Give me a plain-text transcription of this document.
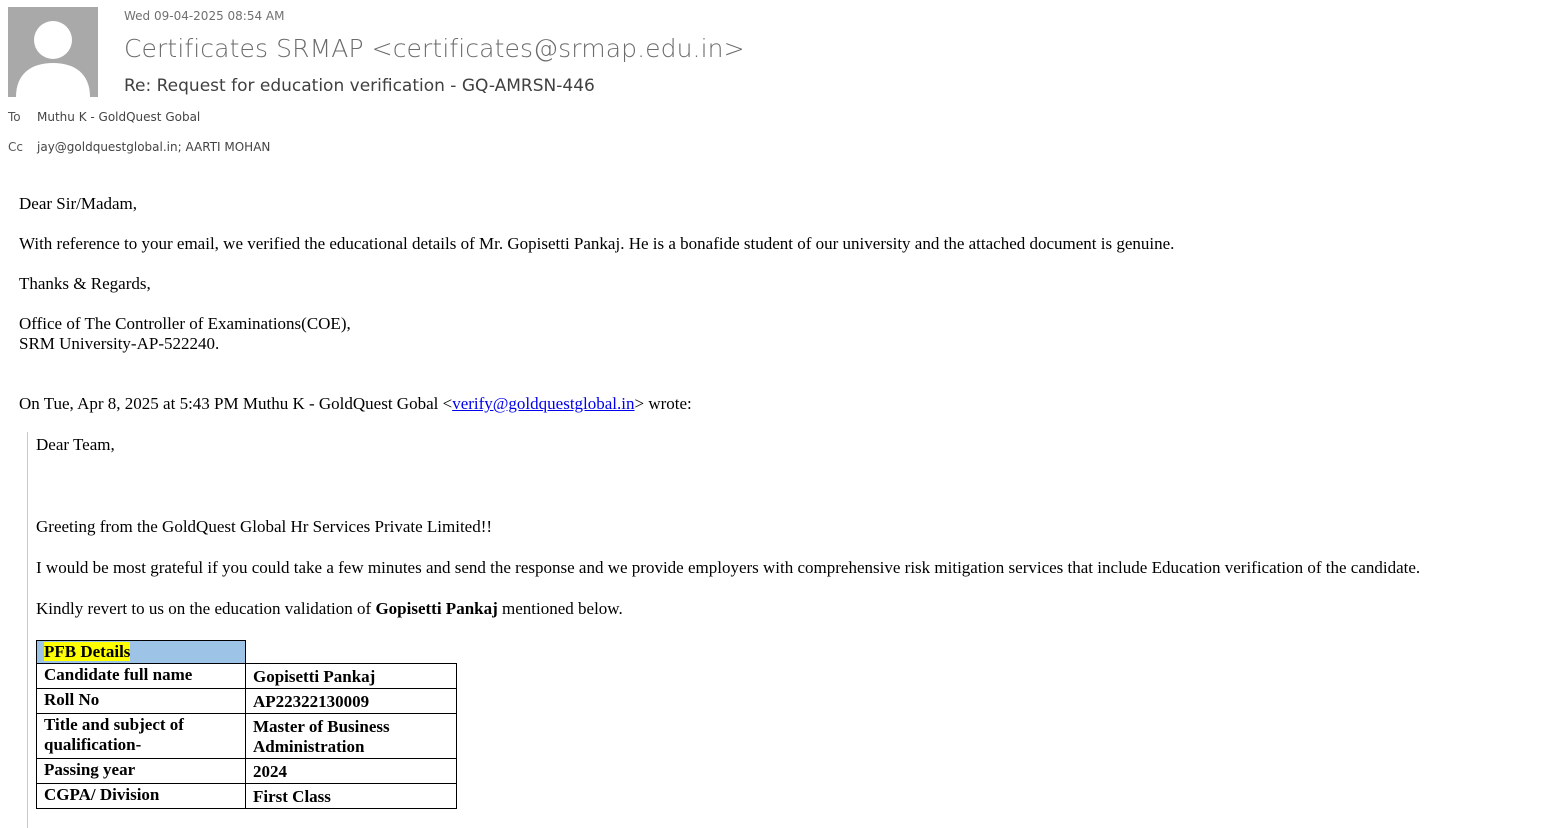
Wed 09-04-2025 08:54 AM
Certificates SRMAP <certificates@srmap.edu.in>
Re: Request for education verification - GQ-AMRSN-446
To Muthu K - GoldQuest Gobal
Cc jay@goldquestglobal.in; AARTI MOHAN
Dear Sir/Madam,
With reference to your email, we verified the educational details of Mr. Gopisetti Pankaj. He is a bonafide student of our university and the attached document is genuine.
Thanks & Regards,
Office of The Controller of Examinations(COE),
SRM University-AP-522240.
On Tue, Apr 8, 2025 at 5:43 PM Muthu K - GoldQuest Gobal <verify@goldquestglobal.in> wrote:
Dear Team,
Greeting from the GoldQuest Global Hr Services Private Limited!!
I would be most grateful if you could take a few minutes and send the response and we provide employers with comprehensive risk mitigation services that include Education verification of the candidate.
Kindly revert to us on the education validation of Gopisetti Pankaj mentioned below.
PFB Details	
Candidate full name	Gopisetti Pankaj
Roll No	AP22322130009
Title and subject of qualification-	Master of Business Administration
Passing year	2024
CGPA/ Division	First Class
